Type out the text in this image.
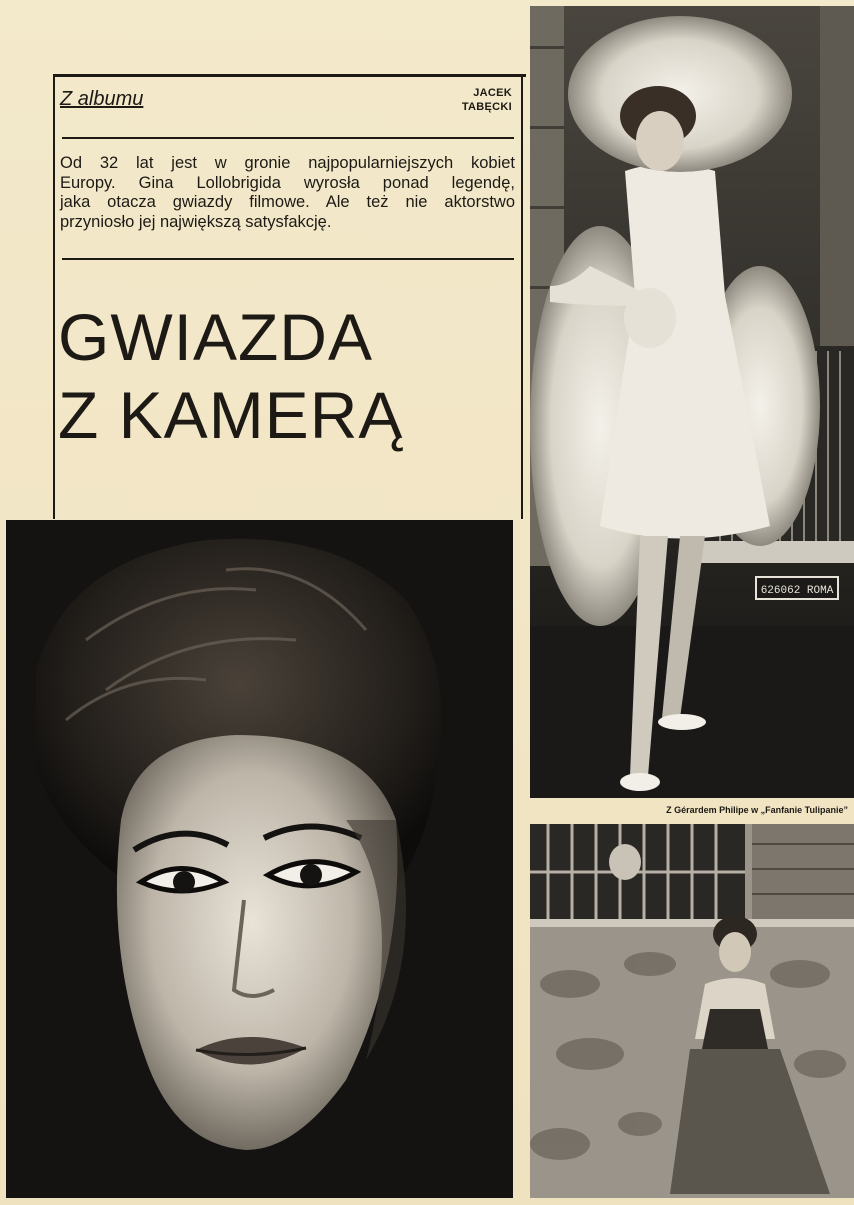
Z albumu	JACEK
TABĘCKI
Od 32 lat jest w gronie najpopularniejszych kobiet
Europy. Gina Lollobrigida wyrosła ponad legendę,
jaka otacza gwiazdy filmowe. Ale też nie aktorstwo
przyniosło jej największą satysfakcję.
GWIAZDA
Z KAMERĄ
626062 ROMA
Z Gérardem Philipe w „Fanfanie Tulipanie”
